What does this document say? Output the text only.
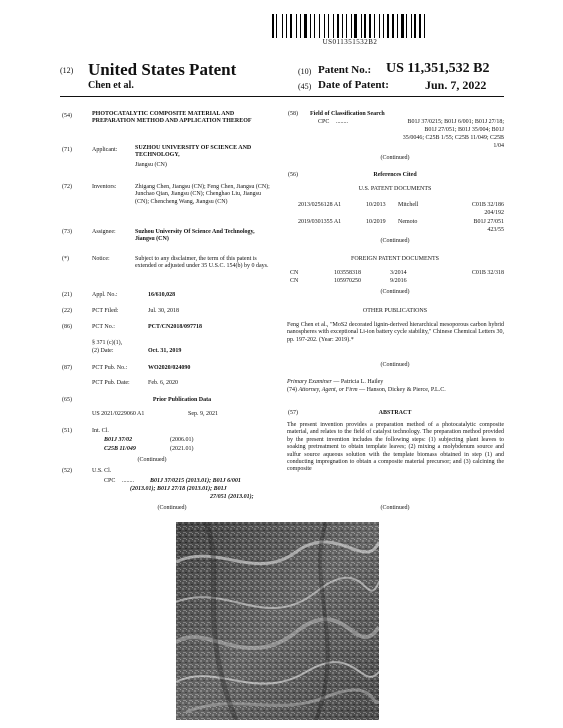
US011351532B2
(12) United States Patent
Chen et al.
(10) Patent No.: US 11,351,532 B2
(45) Date of Patent:	Jun. 7, 2022
(54)	PHOTOCATALYTIC COMPOSITE MATERIAL AND PREPARATION METHOD AND APPLICATION THEREOF
(71)	Applicant:	SUZHOU UNIVERSITY OF SCIENCE AND TECHNOLOGY,
Jiangsu (CN)
(72)	Inventors:	Zhigang Chen, Jiangsu (CN); Feng Chen, Jiangsu (CN); Junchao Qian, Jiangsu (CN); Chenghao Liu, Jiangsu (CN); Chencheng Wang, Jiangsu (CN)
(73)	Assignee:	Suzhou University Of Science And Technology, Jiangsu (CN)
(*)	Notice:	Subject to any disclaimer, the term of this patent is extended or adjusted under 35 U.S.C. 154(b) by 0 days.
(21)	Appl. No.:	16/610,028
(22)	PCT Filed:	Jul. 30, 2018
(86)	PCT No.:	PCT/CN2018/097718
§ 371 (c)(1),
(2) Date:	Oct. 31, 2019
(87)	PCT Pub. No.:	WO2020/024090
PCT Pub. Date:	Feb. 6, 2020
(65)	Prior Publication Data
US 2021/0229060 A1	Sep. 9, 2021
(51)	Int. Cl.
B01J 37/02	(2006.01)
C25B 11/049	(2021.01)
(Continued)
(52)	U.S. Cl.
CPC ........	B01J 37/0215 (2013.01); B01J 6/001
(2013.01); B01J 27/18 (2013.01); B01J
27/051 (2013.01);
(Continued)
(58) Field of Classification Search
CPC ........	B01J 37/0215; B01J 6/001; B01J 27/18;
B01J 27/051; B01J 35/004; B01J
35/0046; C25B 1/55; C25B 11/049; C25B
1/04
(Continued)
(56)	References Cited
U.S. PATENT DOCUMENTS
2013/0256128 A1	10/2013 Mitchell	C01B 32/186
204/192
2019/0301355 A1	10/2019 Nemoto	B01J 27/051
423/55
(Continued)
FOREIGN PATENT DOCUMENTS
CN	103558318	3/2014	C01B 32/318
CN	105970250	9/2016
(Continued)
OTHER PUBLICATIONS
Feng Chen et al., "MoS2 decorated lignin-derived hierarchical mesoporous carbon hybrid nanospheres with exceptional Li-ion battery cycle stability," Chinese Chemical Letters 30, pp. 197-202. (Year: 2019).*
(Continued)
Primary Examiner — Patricia L. Hailey
(74) Attorney, Agent, or Firm — Hanson, Dickey & Pierce, P.L.C.
(57)	ABSTRACT
The present invention provides a preparation method of a photocatalytic composite material, and relates to the field of catalyst technology. The preparation method provided by the present invention includes the following steps: (1) subjecting plant leaves to soaking pretreatment to obtain template leaves; (2) mixing a molybdenum source and sulfur source aqueous solution with the template biomass obtained in step (1) and conducting impregnation to obtain a composite material precursor; and (3) calcining the composite
(Continued)
